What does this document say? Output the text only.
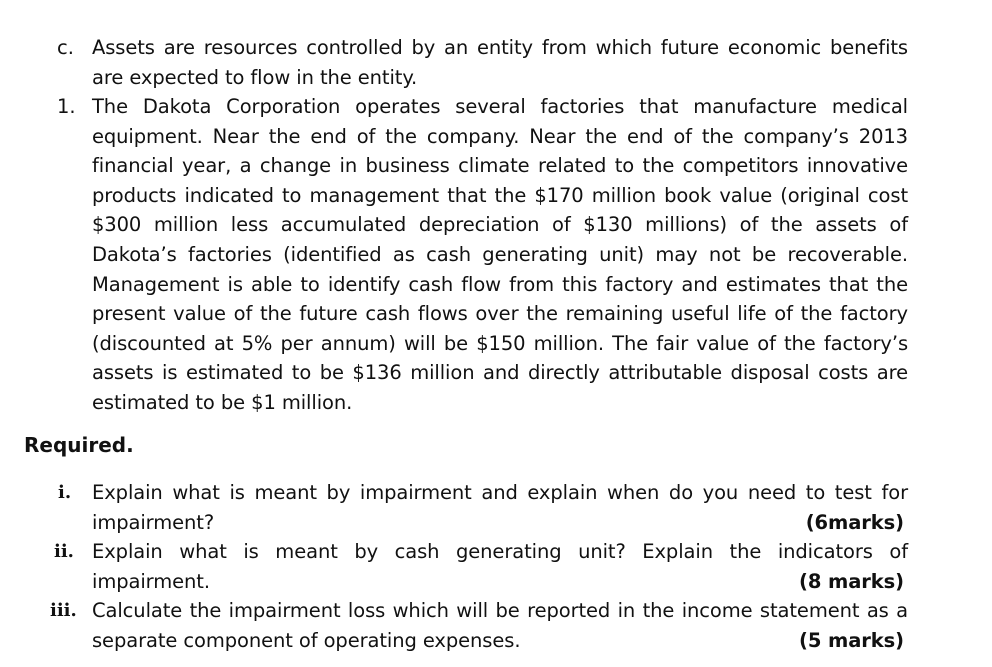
c. Assets are resources controlled by an entity from which future economic benefits are expected to flow in the entity.
1. The Dakota Corporation operates several factories that manufacture medical equipment. Near the end of the company. Near the end of the company’s 2013 financial year, a change in business climate related to the competitors innovative products indicated to management that the $170 million book value (original cost $300 million less accumulated depreciation of $130 millions) of the assets of Dakota’s factories (identified as cash generating unit) may not be recoverable. Management is able to identify cash flow from this factory and estimates that the present value of the future cash flows over the remaining useful life of the factory (discounted at 5% per annum) will be $150 million. The fair value of the factory’s assets is estimated to be $136 million and directly attributable disposal costs are estimated to be $1 million.
Required.
i. Explain what is meant by impairment and explain when do you need to test for
impairment?	(6marks)
ii. Explain what is meant by cash generating unit? Explain the indicators of
impairment.	(8 marks)
iii. Calculate the impairment loss which will be reported in the income statement as a
separate component of operating expenses.	(5 marks)
